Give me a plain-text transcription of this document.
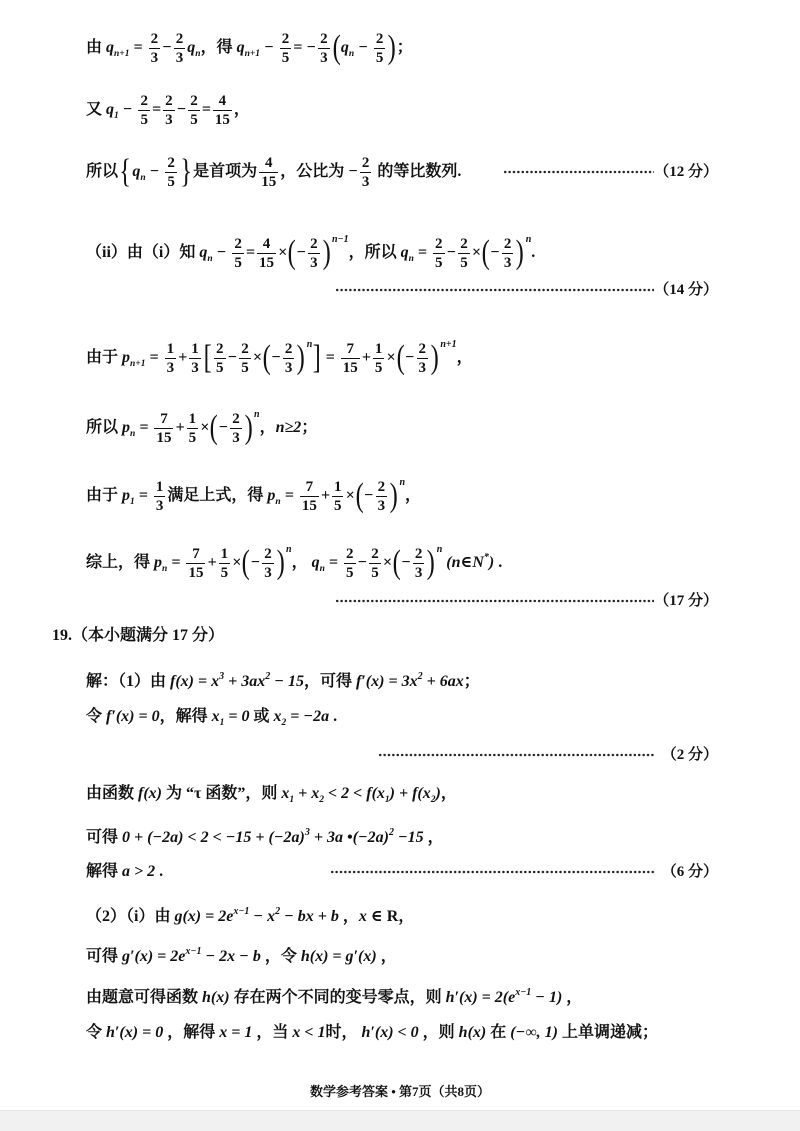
由 $q_{n+1} = \frac{2}{3} - \frac{2}{3} q_n$，得 $q_{n+1} - \frac{2}{5}$ = − $\frac{2}{3} (q_n - \frac{2}{5}$ )；
又 $q_1 - \frac{2}{5} = \frac{2}{3} - \frac{2}{5} = \frac{4}{15}$ ，
所以{$q_n - \frac{2}{5}$ }是首项为 $\frac{4}{15}$ ，公比为 − $\frac{2}{3}$ 的等比数列.	（12 分）
（ii）由（i）知 $q_n - \frac{2}{5} = \frac{4}{15}$ ×(− $\frac{2}{3}$ ) $^{n-1}$，所以 $q_n = \frac{2}{5} - \frac{2}{5}$ ×(− $\frac{2}{3}$ ) $^n$.
（14 分）
由于 $p_{n+1} = \frac{1}{3} + \frac{1}{3}$ [ $\frac{2}{5} - \frac{2}{5}$ ×(− $\frac{2}{3}$ ) $^n] = \frac{7}{15} + \frac{1}{5}$ ×(− $\frac{2}{3}$ ) $^{n+1}$，
所以 $p_n = \frac{7}{15} + \frac{1}{5}$ ×(− $\frac{2}{3}$ ) $^n$，n≥2；
由于 $p_1 = \frac{1}{3}$ 满足上式，得 $p_n = \frac{7}{15} + \frac{1}{5}$ ×(− $\frac{2}{3}$ ) $^n$，
综上，得 $p_n = \frac{7}{15} + \frac{1}{5}$ ×(− $\frac{2}{3}$ ) $^n$， $q_n = \frac{2}{5} - \frac{2}{5}$ ×(− $\frac{2}{3}$ ) $^n$ (n∈N*) .
（17 分）
19.（本小题满分 17 分）
解：（1）由 $f(x) = x^3 + 3ax^2 - 15$，可得 $f'(x) = 3x^2 + 6ax$；
令 f′(x) = 0，解得 $x_1 = 0$ 或 $x_2 = -2a$ .
（2 分）
由函数 f(x) 为 “τ 函数”，则 $x_1 + x_2 < 2 < f(x_1) + f(x_2)$，
可得 $0 + (-2a) < 2 < -15 + (-2a)^3 + 3a$ $•(-2a)^2 -15$ ，
解得 a > 2 .	（6 分）
（2）（i）由 $g(x) = 2e^{x-1} - x^2$ − bx + b ，x ∈ R，
可得 $g'(x) = 2e^{x-1} - 2x - b$ ，令 h(x) = g′(x) ，
由题意可得函数 h(x) 存在两个不同的变号零点，则 $h'(x) = 2(e^{x-1} - 1)$ ，
令 h′(x) = 0 ，解得 x = 1 ，当 x < 1时， h′(x) < 0 ，则 h(x) 在 (−∞, 1) 上单调递减；
数学参考答案 • 第7页（共8页）
